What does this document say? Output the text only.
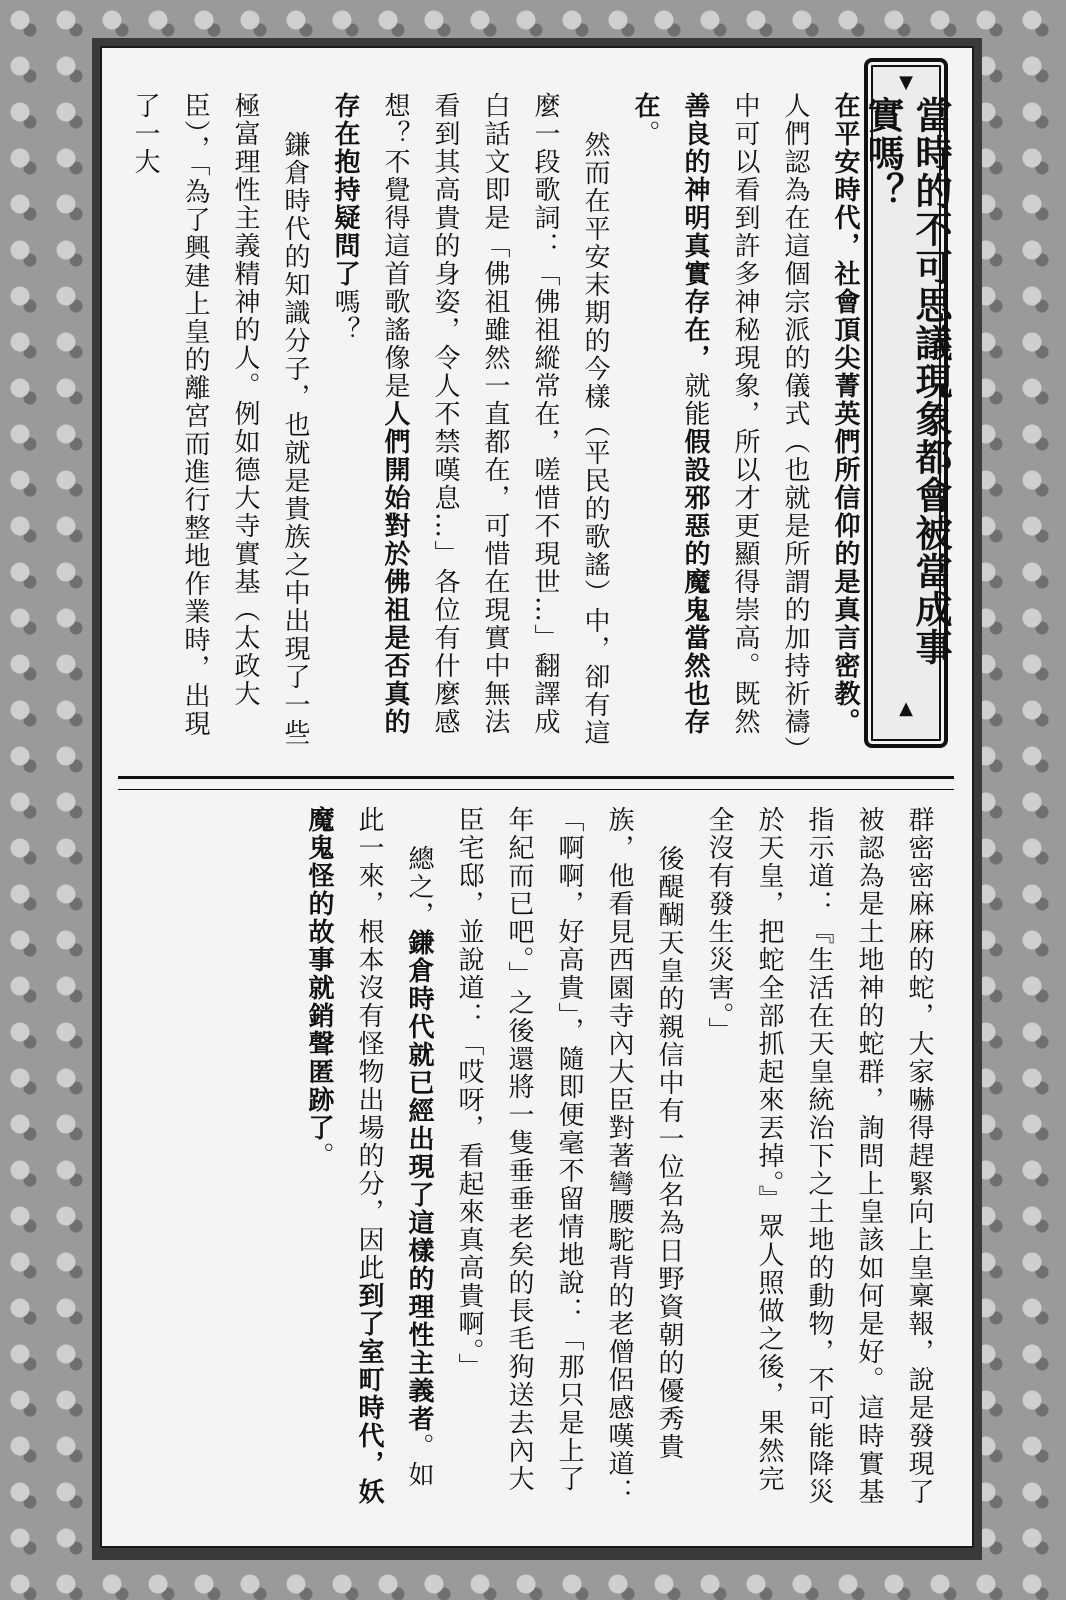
▼
當時的不可思議現象都會被當成事實嗎？
▲

在平安時代，社會頂尖菁英們所信仰的是真言密教。人們認為在這個宗派的儀式（也就是所謂的加持祈禱）中可以看到許多神秘現象，所以才更顯得崇高。既然善良的神明真實存在，就能假設邪惡的魔鬼當然也存在。

然而在平安末期的今樣（平民的歌謠）中，卻有這麼一段歌詞：「佛祖縱常在，嗟惜不現世…」翻譯成白話文即是「佛祖雖然一直都在，可惜在現實中無法看到其高貴的身姿，令人不禁嘆息…」各位有什麼感想？不覺得這首歌謠像是人們開始對於佛祖是否真的存在抱持疑問了嗎？

鎌倉時代的知識分子，也就是貴族之中出現了一些極富理性主義精神的人。例如德大寺實基（太政大臣），「為了興建上皇的離宮而進行整地作業時，出現了一大

群密密麻麻的蛇，大家嚇得趕緊向上皇稟報，說是發現了被認為是土地神的蛇群，詢問上皇該如何是好。這時實基指示道：『生活在天皇統治下之土地的動物，不可能降災於天皇，把蛇全部抓起來丟掉。』眾人照做之後，果然完全沒有發生災害。」

後醍醐天皇的親信中有一位名為日野資朝的優秀貴族，他看見西園寺內大臣對著彎腰駝背的老僧侶感嘆道：「啊啊，好高貴」，隨即便毫不留情地說：「那只是上了年紀而已吧。」之後還將一隻垂垂老矣的長毛狗送去內大臣宅邸，並說道：「哎呀，看起來真高貴啊。」

總之，鎌倉時代就已經出現了這樣的理性主義者。如此一來，根本沒有怪物出場的分，因此到了室町時代，妖魔鬼怪的故事就銷聲匿跡了。
